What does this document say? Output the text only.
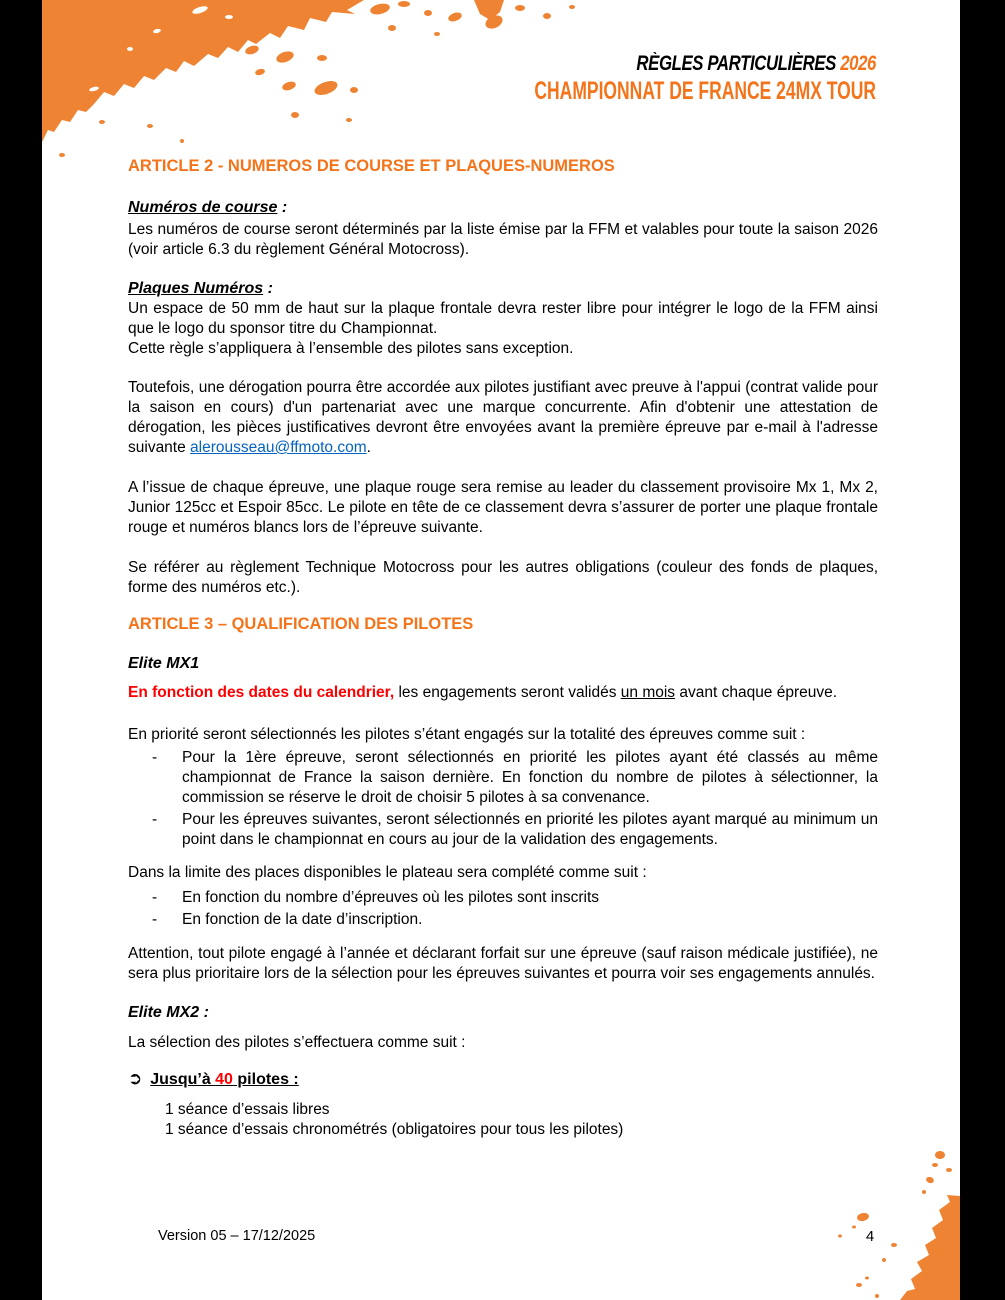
RÈGLES PARTICULIÈRES 2026
CHAMPIONNAT DE FRANCE 24MX TOUR
ARTICLE 2 - NUMEROS DE COURSE ET PLAQUES-NUMEROS
Numéros de course :
Les numéros de course seront déterminés par la liste émise par la FFM et valables pour toute la saison 2026 (voir article 6.3 du règlement Général Motocross).
Plaques Numéros :
Un espace de 50 mm de haut sur la plaque frontale devra rester libre pour intégrer le logo de la FFM ainsi que le logo du sponsor titre du Championnat.
Cette règle s’appliquera à l’ensemble des pilotes sans exception.
Toutefois, une dérogation pourra être accordée aux pilotes justifiant avec preuve à l'appui (contrat valide pour la saison en cours) d'un partenariat avec une marque concurrente. Afin d'obtenir une attestation de dérogation, les pièces justificatives devront être envoyées avant la première épreuve par e-mail à l'adresse suivante alerousseau@ffmoto.com.
A l’issue de chaque épreuve, une plaque rouge sera remise au leader du classement provisoire Mx 1, Mx 2, Junior 125cc et Espoir 85cc. Le pilote en tête de ce classement devra s’assurer de porter une plaque frontale rouge et numéros blancs lors de l’épreuve suivante.
Se référer au règlement Technique Motocross pour les autres obligations (couleur des fonds de plaques, forme des numéros etc.).
ARTICLE 3 – QUALIFICATION DES PILOTES
Elite MX1
En fonction des dates du calendrier, les engagements seront validés un mois avant chaque épreuve.
En priorité seront sélectionnés les pilotes s’étant engagés sur la totalité des épreuves comme suit :
-	Pour la 1ère épreuve, seront sélectionnés en priorité les pilotes ayant été classés au même championnat de France la saison dernière. En fonction du nombre de pilotes à sélectionner, la commission se réserve le droit de choisir 5 pilotes à sa convenance.
-	Pour les épreuves suivantes, seront sélectionnés en priorité les pilotes ayant marqué au minimum un point dans le championnat en cours au jour de la validation des engagements.
Dans la limite des places disponibles le plateau sera complété comme suit :
-	En fonction du nombre d’épreuves où les pilotes sont inscrits
-	En fonction de la date d’inscription.
Attention, tout pilote engagé à l’année et déclarant forfait sur une épreuve (sauf raison médicale justifiée), ne sera plus prioritaire lors de la sélection pour les épreuves suivantes et pourra voir ses engagements annulés.
Elite MX2 :
La sélection des pilotes s’effectuera comme suit :
➲ Jusqu’à 40 pilotes :
1 séance d’essais libres
1 séance d’essais chronométrés (obligatoires pour tous les pilotes)
Version 05 – 17/12/2025	4
